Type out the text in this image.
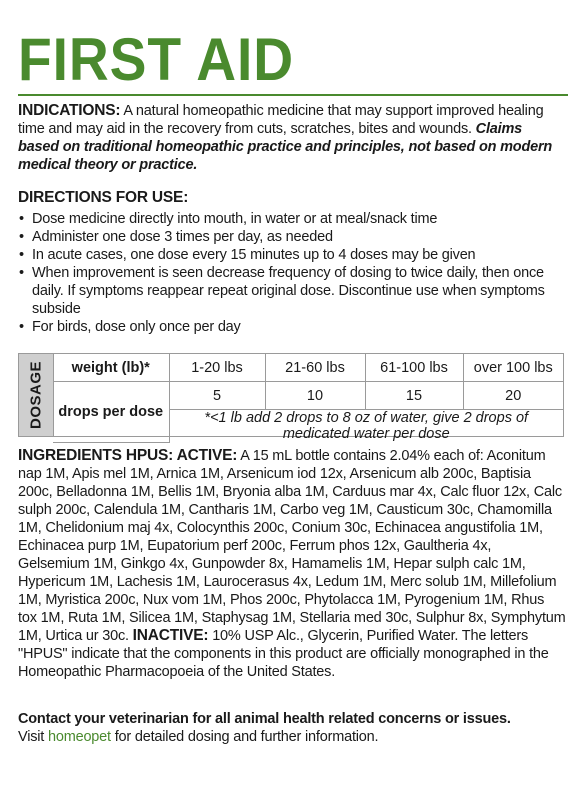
FIRST AID
INDICATIONS: A natural homeopathic medicine that may support improved healing time and may aid in the recovery from cuts, scratches, bites and wounds. Claims based on traditional homeopathic practice and principles, not based on modern medical theory or practice.
DIRECTIONS FOR USE:
• Dose medicine directly into mouth, in water or at meal/snack time
• Administer one dose 3 times per day, as needed
• In acute cases, one dose every 15 minutes up to 4 doses may be given
• When improvement is seen decrease frequency of dosing to twice daily, then once daily. If symptoms reappear repeat original dose. Discontinue use when symptoms subside
• For birds, dose only once per day
DOSAGE weight (lb)*	1-20 lbs	21-60 lbs	61-100 lbs	over 100 lbs
drops per dose	5	10	15	20
	*<1 lb add 2 drops to 8 oz of water, give 2 drops of medicated water per dose			
INGREDIENTS HPUS: ACTIVE: A 15 mL bottle contains 2.04% each of: Aconitum nap 1M, Apis mel 1M, Arnica 1M, Arsenicum iod 12x, Arsenicum alb 200c, Baptisia 200c, Belladonna 1M, Bellis 1M, Bryonia alba 1M, Carduus mar 4x, Calc fluor 12x, Calc sulph 200c, Calendula 1M, Cantharis 1M, Carbo veg 1M, Causticum 30c, Chamomilla 1M, Chelidonium maj 4x, Colocynthis 200c, Conium 30c, Echinacea angustifolia 1M, Echinacea purp 1M, Eupatorium perf 200c, Ferrum phos 12x, Gaultheria 4x, Gelsemium 1M, Ginkgo 4x, Gunpowder 8x, Hamamelis 1M, Hepar sulph calc 1M, Hypericum 1M, Lachesis 1M, Laurocerasus 4x, Ledum 1M, Merc solub 1M, Millefolium 1M, Myristica 200c, Nux vom 1M, Phos 200c, Phytolacca 1M, Pyrogenium 1M, Rhus tox 1M, Ruta 1M, Silicea 1M, Staphysag 1M, Stellaria med 30c, Sulphur 8x, Symphytum 1M, Urtica ur 30c. INACTIVE: 10% USP Alc., Glycerin, Purified Water. The letters "HPUS" indicate that the components in this product are officially monographed in the Homeopathic Pharmacopoeia of the United States.
Contact your veterinarian for all animal health related concerns or issues.
Visit homeopet for detailed dosing and further information.
